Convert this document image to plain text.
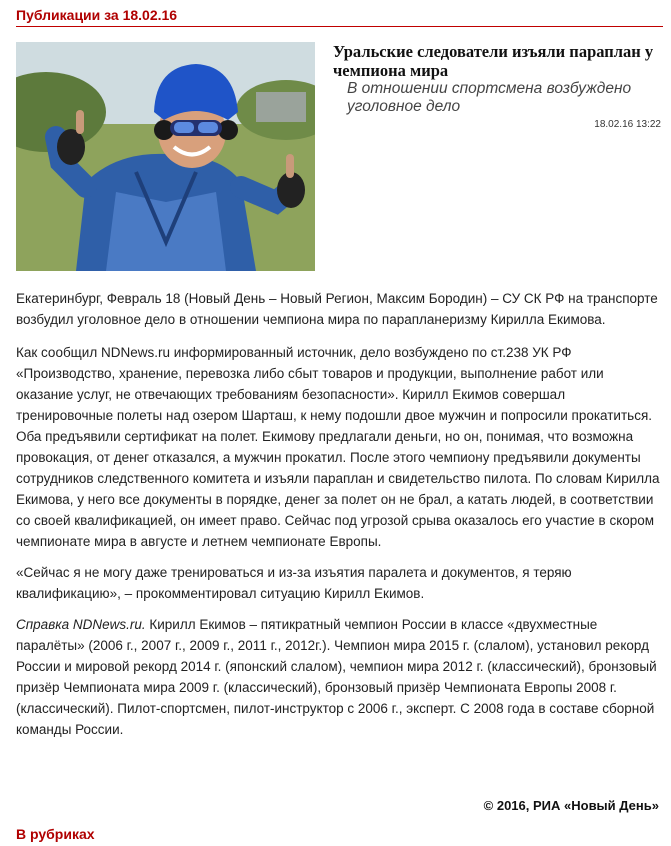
Публикации за 18.02.16
Уральские следователи изъяли параплан у чемпиона мира
В отношении спортсмена возбуждено уголовное дело
18.02.16 13:22

Екатеринбург, Февраль 18 (Новый День – Новый Регион, Максим Бородин) – СУ СК РФ на транспорте возбудил уголовное дело в отношении чемпиона мира по парапланеризму Кирилла Екимова.

Как сообщил NDNews.ru информированный источник, дело возбуждено по ст.238 УК РФ «Производство, хранение, перевозка либо сбыт товаров и продукции, выполнение работ или оказание услуг, не отвечающих требованиям безопасности». Кирилл Екимов совершал тренировочные полеты над озером Шарташ, к нему подошли двое мужчин и попросили прокатиться. Оба предъявили сертификат на полет. Екимову предлагали деньги, но он, понимая, что возможна провокация, от денег отказался, а мужчин прокатил. После этого чемпиону предъявили документы сотрудников следственного комитета и изъяли параплан и свидетельство пилота. По словам Кирилла Екимова, у него все документы в порядке, денег за полет он не брал, а катать людей, в соответствии со своей квалификацией, он имеет право. Сейчас под угрозой срыва оказалось его участие в скором чемпионате мира в августе и летнем чемпионате Европы.

«Сейчас я не могу даже тренироваться и из-за изъятия паралета и документов, я теряю квалификацию», – прокомментировал ситуацию Кирилл Екимов.

Справка NDNews.ru. Кирилл Екимов – пятикратный чемпион России в классе «двухместные паралёты» (2006 г., 2007 г., 2009 г., 2011 г., 2012г.). Чемпион мира 2015 г. (слалом), установил рекорд России и мировой рекорд 2014 г. (японский слалом), чемпион мира 2012 г. (классический), бронзовый призёр Чемпионата мира 2009 г. (классический), бронзовый призёр Чемпионата Европы 2008 г. (классический). Пилот-спортсмен, пилот-инструктор с 2006 г., эксперт. С 2008 года в составе сборной команды России.

© 2016, РИА «Новый День»
В рубриках
